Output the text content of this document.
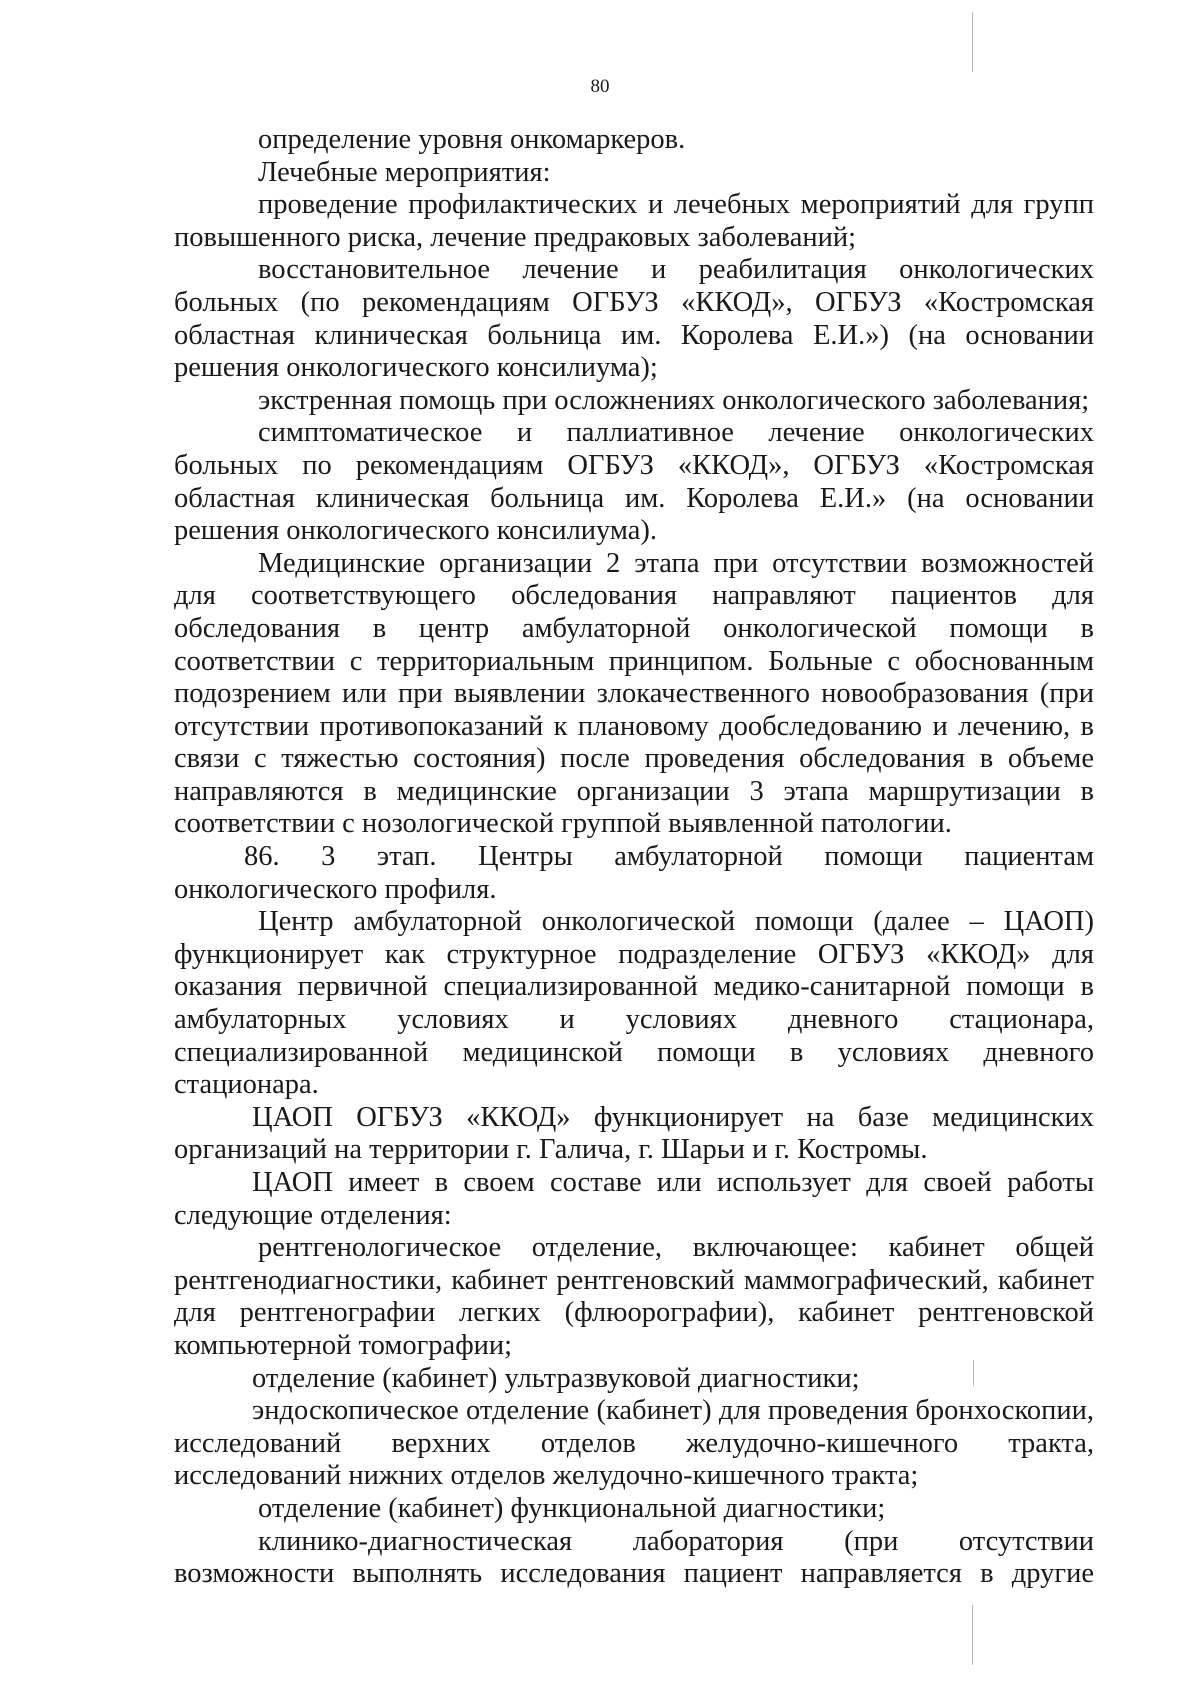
80

определение уровня онкомаркеров.

Лечебные мероприятия:

проведение профилактических и лечебных мероприятий для групп повышенного риска, лечение предраковых заболеваний;

восстановительное лечение и реабилитация онкологических больных (по рекомендациям ОГБУЗ «ККОД», ОГБУЗ «Костромская областная клиническая больница им. Королева Е.И.») (на основании решения онкологического консилиума);

экстренная помощь при осложнениях онкологического заболевания;

симптоматическое и паллиативное лечение онкологических больных по рекомендациям ОГБУЗ «ККОД», ОГБУЗ «Костромская областная клиническая больница им. Королева Е.И.» (на основании решения онкологического консилиума).

Медицинские организации 2 этапа при отсутствии возможностей для соответствующего обследования направляют пациентов для обследования в центр амбулаторной онкологической помощи в соответствии с территориальным принципом. Больные с обоснованным подозрением или при выявлении злокачественного новообразования (при отсутствии противопоказаний к плановому дообследованию и лечению, в связи с тяжестью состояния) после проведения обследования в объеме направляются в медицинские организации 3 этапа маршрутизации в соответствии с нозологической группой выявленной патологии.

86. 3 этап. Центры амбулаторной помощи пациентам онкологического профиля.

Центр амбулаторной онкологической помощи (далее – ЦАОП) функционирует как структурное подразделение ОГБУЗ «ККОД» для оказания первичной специализированной медико-санитарной помощи в амбулаторных условиях и условиях дневного стационара, специализированной медицинской помощи в условиях дневного стационара.

ЦАОП ОГБУЗ «ККОД» функционирует на базе медицинских организаций на территории г. Галича, г. Шарьи и г. Костромы.

ЦАОП имеет в своем составе или использует для своей работы следующие отделения:

рентгенологическое отделение, включающее: кабинет общей рентгенодиагностики, кабинет рентгеновский маммографический, кабинет для рентгенографии легких (флюорографии), кабинет рентгеновской компьютерной томографии;

отделение (кабинет) ультразвуковой диагностики;

эндоскопическое отделение (кабинет) для проведения бронхоскопии, исследований верхних отделов желудочно-кишечного тракта, исследований нижних отделов желудочно-кишечного тракта;

отделение (кабинет) функциональной диагностики;

клинико-диагностическая лаборатория (при отсутствии возможности выполнять исследования пациент направляется в другие
